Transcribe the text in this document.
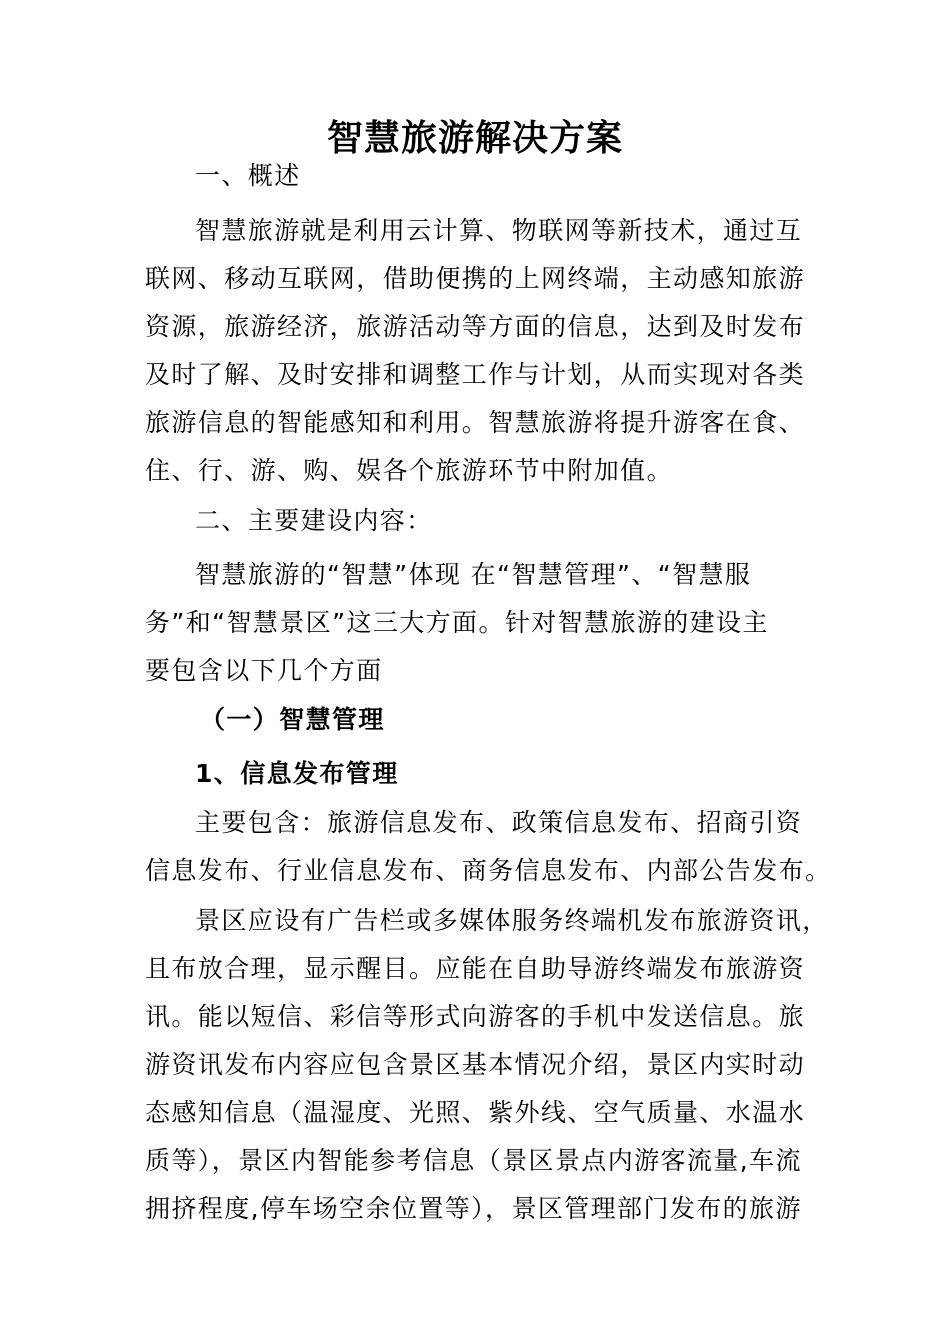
智慧旅游解决方案

一、概述

智慧旅游就是利用云计算、物联网等新技术，通过互

联网、移动互联网，借助便携的上网终端，主动感知旅游

资源，旅游经济，旅游活动等方面的信息，达到及时发布

及时了解、及时安排和调整工作与计划，从而实现对各类

旅游信息的智能感知和利用。智慧旅游将提升游客在食、

住、行、游、购、娱各个旅游环节中附加值。

二、主要建设内容：

智慧旅游的“智慧”体现 在“智慧管理”、“智慧服

务”和“智慧景区”这三大方面。针对智慧旅游的建设主

要包含以下几个方面

（一）智慧管理

1、信息发布管理

主要包含：旅游信息发布、政策信息发布、招商引资

信息发布、行业信息发布、商务信息发布、内部公告发布。

景区应设有广告栏或多媒体服务终端机发布旅游资讯，

且布放合理，显示醒目。应能在自助导游终端发布旅游资

讯。能以短信、彩信等形式向游客的手机中发送信息。旅

游资讯发布内容应包含景区基本情况介绍，景区内实时动

态感知信息（温湿度、光照、紫外线、空气质量、水温水

质等），景区内智能参考信息（景区景点内游客流量,车流

拥挤程度,停车场空余位置等），景区管理部门发布的旅游
